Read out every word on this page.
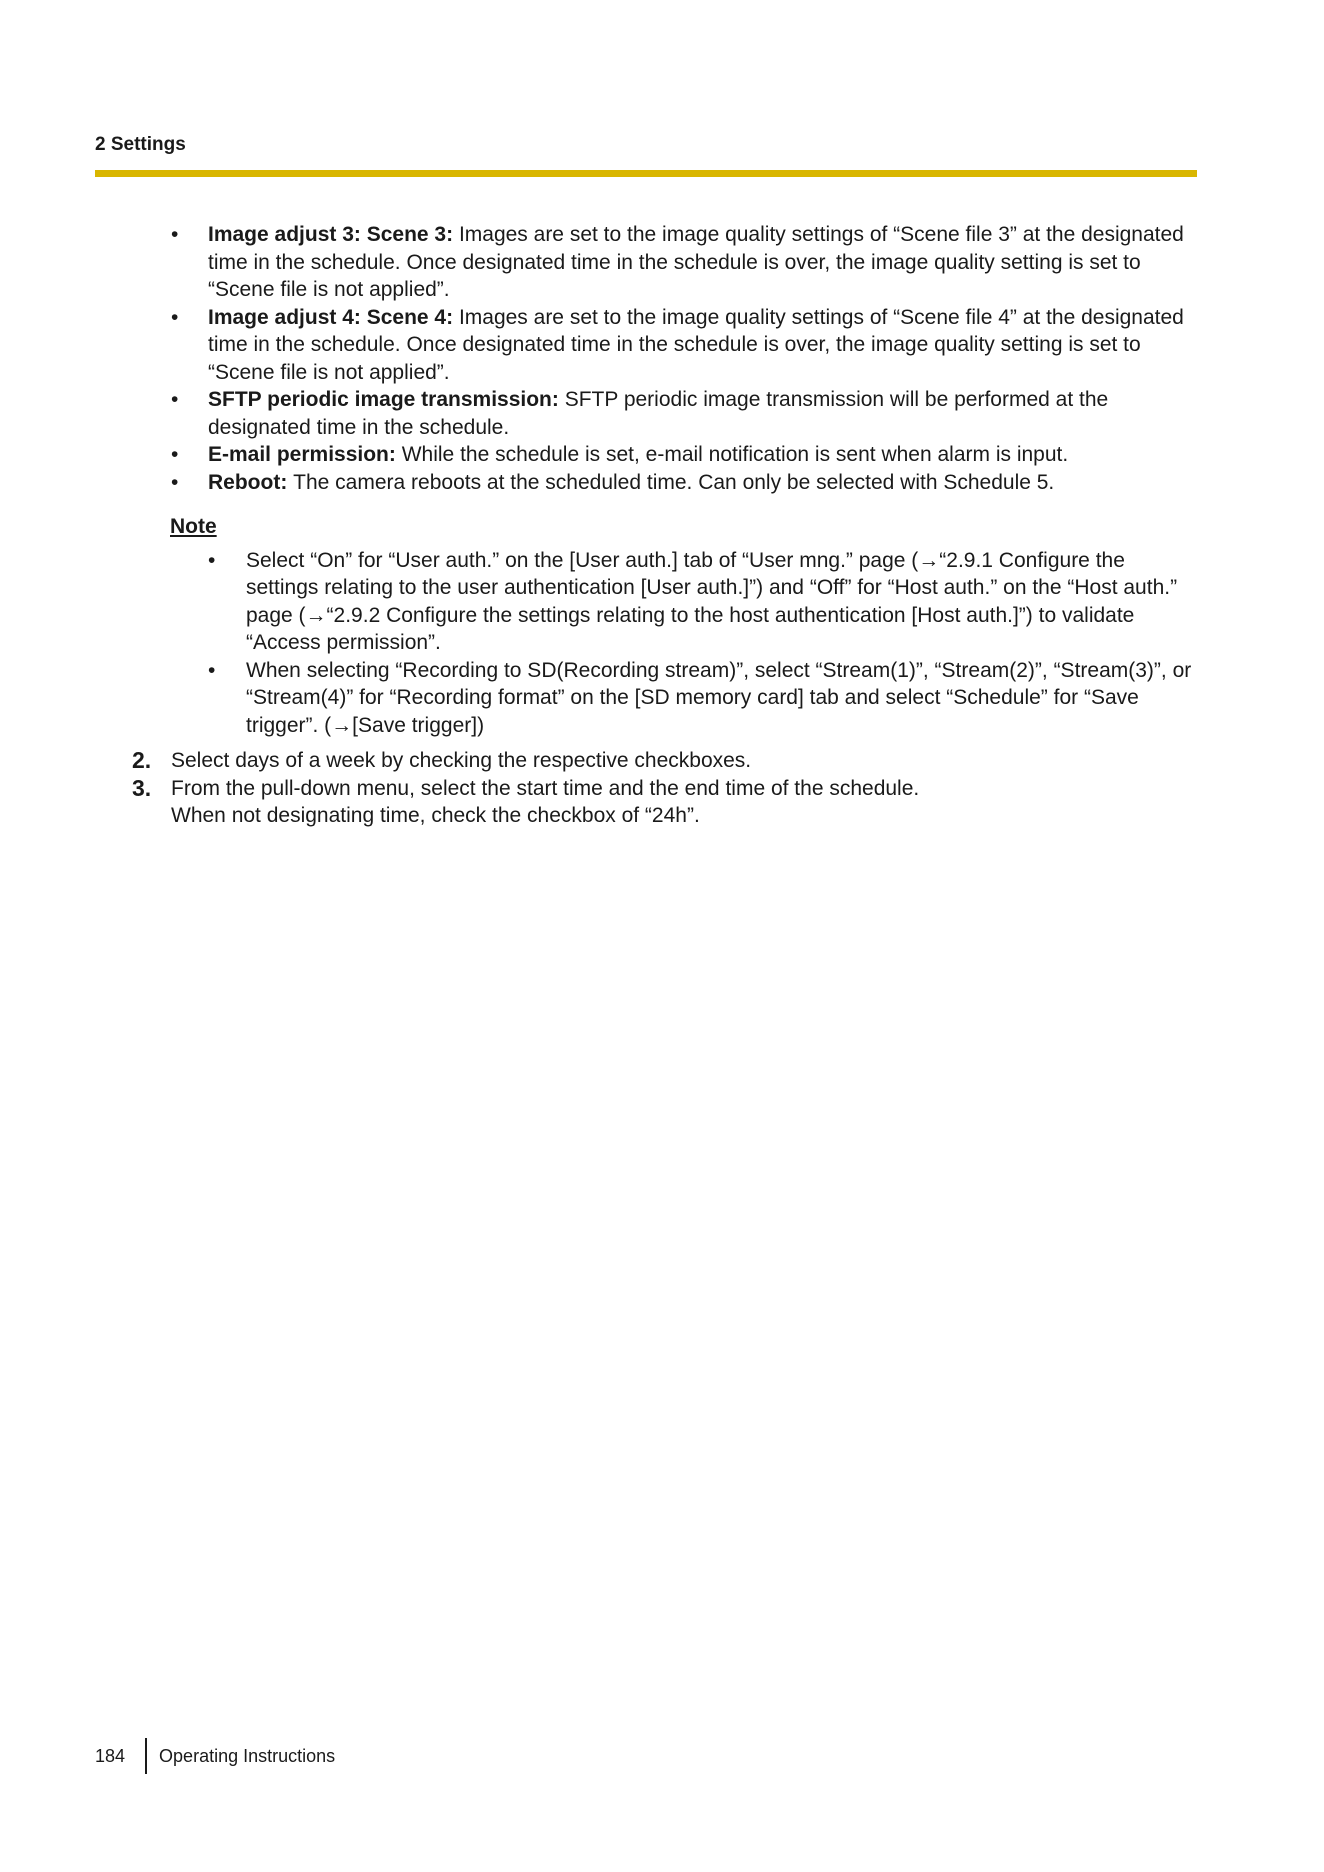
2 Settings
• Image adjust 3: Scene 3: Images are set to the image quality settings of “Scene file 3” at the designated time in the schedule. Once designated time in the schedule is over, the image quality setting is set to “Scene file is not applied”.
• Image adjust 4: Scene 4: Images are set to the image quality settings of “Scene file 4” at the designated time in the schedule. Once designated time in the schedule is over, the image quality setting is set to “Scene file is not applied”.
• SFTP periodic image transmission: SFTP periodic image transmission will be performed at the designated time in the schedule.
• E-mail permission: While the schedule is set, e-mail notification is sent when alarm is input.
• Reboot: The camera reboots at the scheduled time. Can only be selected with Schedule 5.
Note
• Select “On” for “User auth.” on the [User auth.] tab of “User mng.” page (→“2.9.1 Configure the settings relating to the user authentication [User auth.]”) and “Off” for “Host auth.” on the “Host auth.” page (→“2.9.2 Configure the settings relating to the host authentication [Host auth.]”) to validate “Access permission”.
• When selecting “Recording to SD(Recording stream)”, select “Stream(1)”, “Stream(2)”, “Stream(3)”, or “Stream(4)” for “Recording format” on the [SD memory card] tab and select “Schedule” for “Save trigger”. (→[Save trigger])
2. Select days of a week by checking the respective checkboxes.
3. From the pull-down menu, select the start time and the end time of the schedule.
When not designating time, check the checkbox of “24h”.
184 Operating Instructions
